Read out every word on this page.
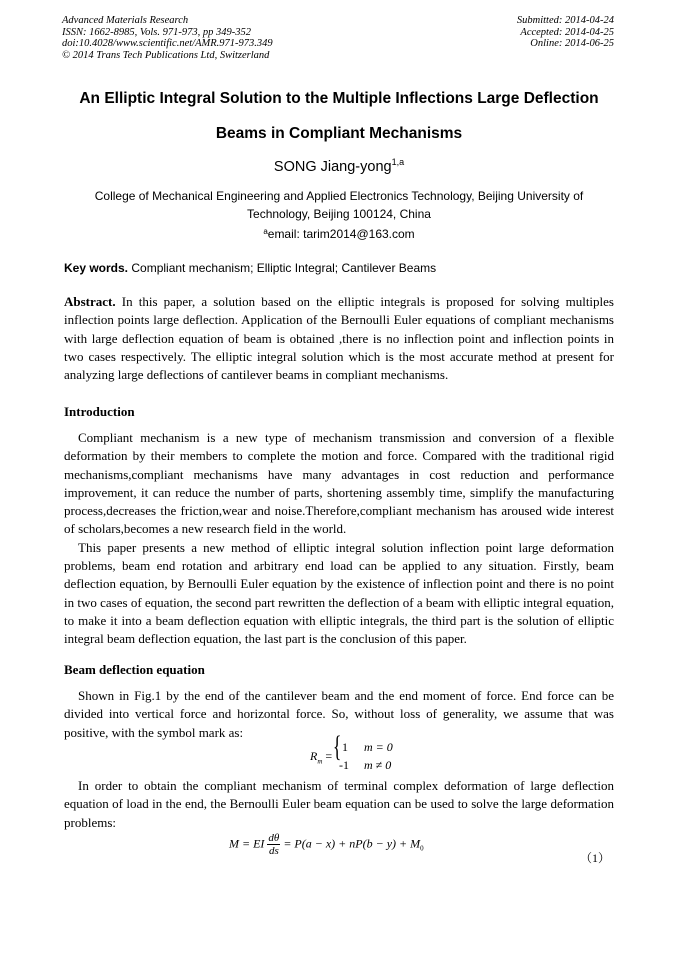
Advanced Materials Research
ISSN: 1662-8985, Vols. 971-973, pp 349-352
doi:10.4028/www.scientific.net/AMR.971-973.349
© 2014 Trans Tech Publications Ltd, Switzerland
Submitted: 2014-04-24
Accepted: 2014-04-25
Online: 2014-06-25
An Elliptic Integral Solution to the Multiple Inflections Large Deflection
Beams in Compliant Mechanisms
SONG Jiang-yong$^{1,a}$
College of Mechanical Engineering and Applied Electronics Technology, Beijing University of
Technology, Beijing 100124, China
$^a$email: tarim2014@163.com
Key words. Compliant mechanism; Elliptic Integral; Cantilever Beams

Abstract. In this paper, a solution based on the elliptic integrals is proposed for solving multiples inflection points large deflection. Application of the Bernoulli Euler equations of compliant mechanisms with large deflection equation of beam is obtained ,there is no inflection point and inflection points in two cases respectively. The elliptic integral solution which is the most accurate method at present for analyzing large deflections of cantilever beams in compliant mechanisms.

Introduction

Compliant mechanism is a new type of mechanism transmission and conversion of a flexible deformation by their members to complete the motion and force. Compared with the traditional rigid mechanisms,compliant mechanisms have many advantages in cost reduction and performance improvement, it can reduce the number of parts, shortening assembly time, simplify the manufacturing process,decreases the friction,wear and noise.Therefore,compliant mechanism has aroused wide interest of scholars,becomes a new research field in the world.

This paper presents a new method of elliptic integral solution inflection point large deformation problems, beam end rotation and arbitrary end load can be applied to any situation. Firstly, beam deflection equation, by Bernoulli Euler equation by the existence of inflection point and there is no point in two cases of equation, the second part rewritten the deflection of a beam with elliptic integral equation, to make it into a beam deflection equation with elliptic integrals, the third part is the solution of elliptic integral beam deflection equation, the last part is the conclusion of this paper.

Beam deflection equation

Shown in Fig.1 by the end of the cantilever beam and the end moment of force. End force can be divided into vertical force and horizontal force. So, without loss of generality, we assume that was positive, with the symbol mark as:

$R_m$ = { 1 m = 0
-1 m ≠ 0

In order to obtain the compliant mechanism of terminal complex deformation of large deflection equation of load in the end, the Bernoulli Euler beam equation can be used to solve the large deformation problems:

M = EI $\frac{d\theta}{ds} = P(a - x) + nP(b - y) + M_0$
（1）
